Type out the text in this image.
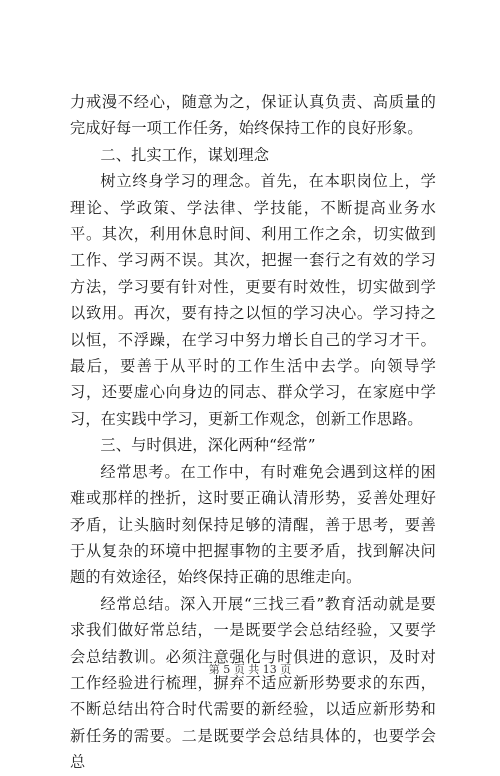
力戒漫不经心，随意为之，保证认真负责、高质量的完成好每一项工作任务，始终保持工作的良好形象。

二、扎实工作，谋划理念

树立终身学习的理念。首先，在本职岗位上，学理论、学政策、学法律、学技能，不断提高业务水平。其次，利用休息时间、利用工作之余，切实做到工作、学习两不误。其次，把握一套行之有效的学习方法，学习要有针对性，更要有时效性，切实做到学以致用。再次，要有持之以恒的学习决心。学习持之以恒，不浮躁，在学习中努力增长自己的学习才干。最后，要善于从平时的工作生活中去学。向领导学习，还要虚心向身边的同志、群众学习，在家庭中学习，在实践中学习，更新工作观念，创新工作思路。

三、与时俱进，深化两种“经常”

经常思考。在工作中，有时难免会遇到这样的困难或那样的挫折，这时要正确认清形势，妥善处理好矛盾，让头脑时刻保持足够的清醒，善于思考，要善于从复杂的环境中把握事物的主要矛盾，找到解决问题的有效途径，始终保持正确的思维走向。

经常总结。深入开展“三找三看”教育活动就是要求我们做好常总结，一是既要学会总结经验，又要学会总结教训。必须注意强化与时俱进的意识，及时对工作经验进行梳理，摒弃不适应新形势要求的东西，不断总结出符合时代需要的新经验，以适应新形势和新任务的需要。二是既要学会总结具体的，也要学会总

第 5 页 共 13 页
